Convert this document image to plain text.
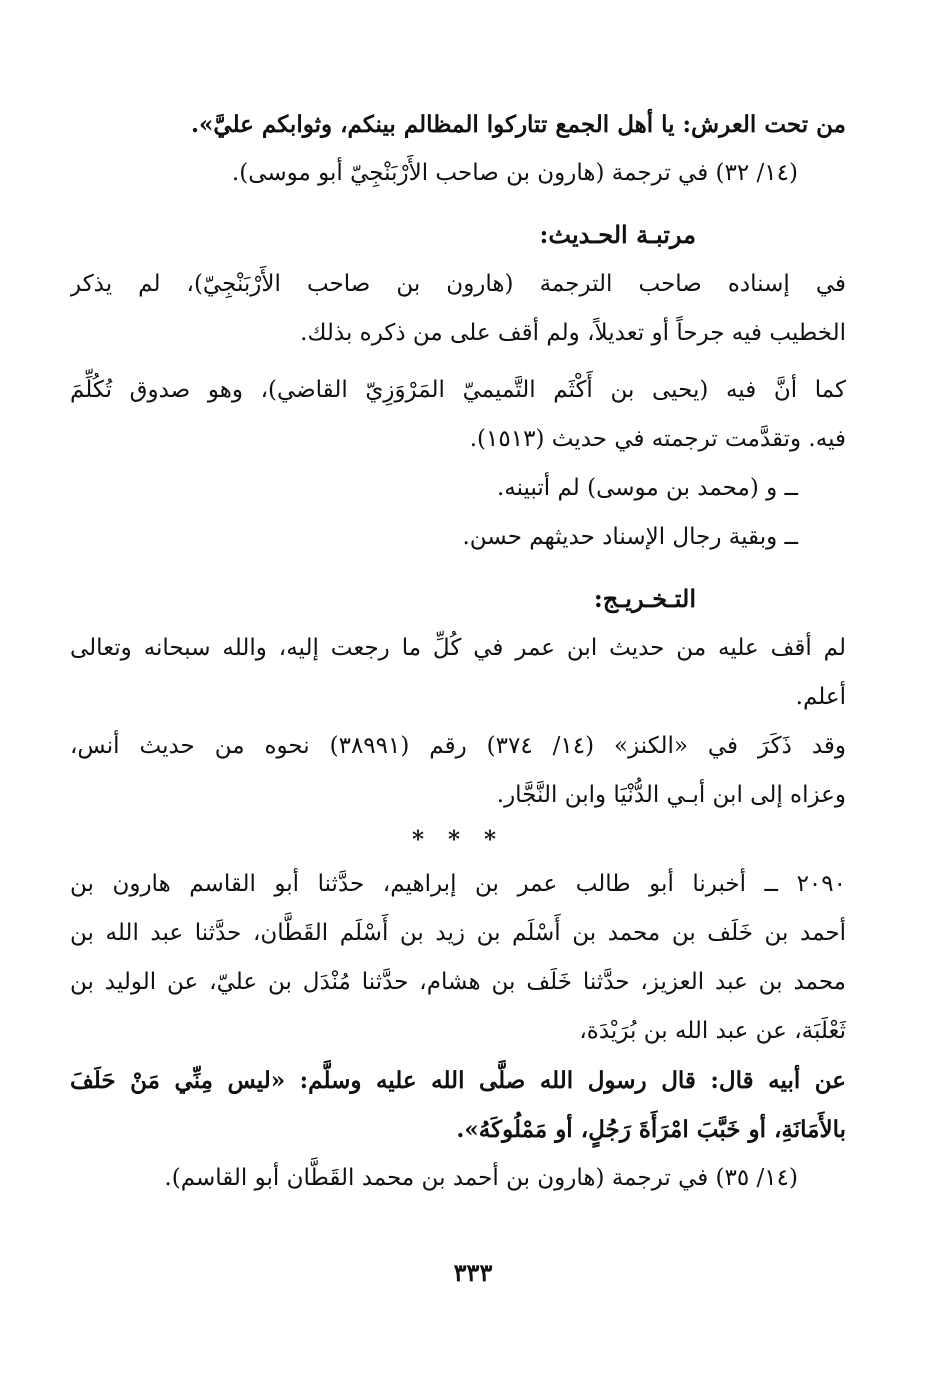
من تحت العرش: يا أهل الجمع تتاركوا المظالم بينكم، وثوابكم عليَّ».
(١٤/ ٣٢) في ترجمة (هارون بن صاحب الأَرْبَنْجِيّ أبو موسى).
مرتبـة الحـديث:
في إسناده صاحب الترجمة (هارون بن صاحب الأَرْبَنْجِيّ)، لم يذكر
الخطيب فيه جرحاً أو تعديلاً، ولم أقف على من ذكره بذلك.
كما أنَّ فيه (يحيى بن أَكْثَم التَّميميّ المَرْوَزِيّ القاضي)، وهو صدوق تُكُلِّمَ
فيه. وتقدَّمت ترجمته في حديث (١٥١٣).
ــ و (محمد بن موسى) لم أتبينه.
ــ وبقية رجال الإسناد حديثهم حسن.
التـخـريـج:
لم أقف عليه من حديث ابن عمر في كُلِّ ما رجعت إليه، والله سبحانه وتعالى
أعلم.
وقد ذَكَرَ في «الكنز» (١٤/ ٣٧٤) رقم (٣٨٩٩١) نحوه من حديث أنس،
وعزاه إلى ابن أبـي الدُّنْيَا وابن النَّجَّار.
* * *
٢٠٩٠ ــ أخبرنا أبو طالب عمر بن إبراهيم، حدَّثنا أبو القاسم هارون بن
أحمد بن خَلَف بن محمد بن أَسْلَم بن زيد بن أَسْلَم القَطَّان، حدَّثنا عبد الله بن
محمد بن عبد العزيز، حدَّثنا خَلَف بن هشام، حدَّثنا مُنْدَل بن عليّ، عن الوليد بن
ثَعْلَبَة، عن عبد الله بن بُرَيْدَة،
عن أبيه قال: قال رسول الله صلَّى الله عليه وسلَّم: «ليس مِنِّي مَنْ حَلَفَ
بالأَمَانَةِ، أو خَبَّبَ امْرَأَةَ رَجُلٍ، أو مَمْلُوكَهُ».
(١٤/ ٣٥) في ترجمة (هارون بن أحمد بن محمد القَطَّان أبو القاسم).
٣٣٣
